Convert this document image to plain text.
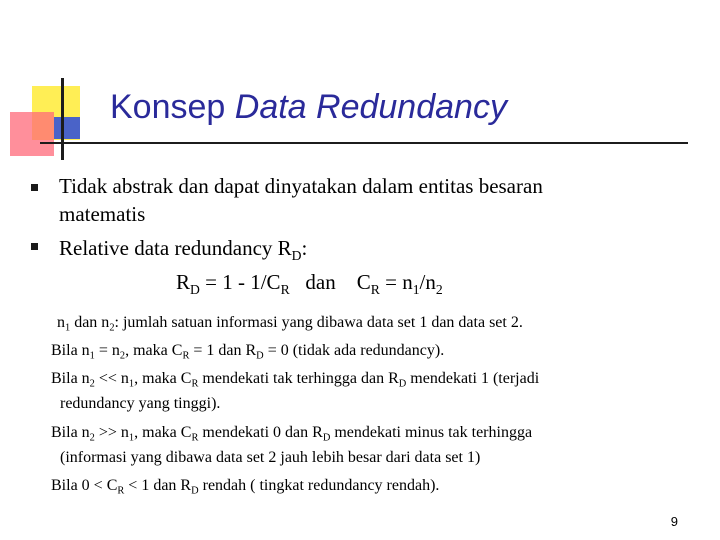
Konsep Data Redundancy
Tidak abstrak dan dapat dinyatakan dalam entitas besaran
matematis
Relative data redundancy $R_D$:
$R_D = 1 - 1/C_R$   dan    $C_R = n_1/n_2$
$n_1$ dan $n_2$: jumlah satuan informasi yang dibawa data set 1 dan data set 2.
Bila $n_1 = n_2$, maka $C_R = 1$ dan $R_D = 0$ (tidak ada redundancy).
Bila $n_2 << n_1$, maka $C_R$ mendekati tak terhingga dan $R_D$ mendekati 1 (terjadi
redundancy yang tinggi).
Bila $n_2 >> n_1$, maka $C_R$ mendekati 0 dan $R_D$ mendekati minus tak terhingga
(informasi yang dibawa data set 2 jauh lebih besar dari data set 1)
Bila $0 < C_R < 1$ dan $R_D$ rendah ( tingkat redundancy rendah).
9
